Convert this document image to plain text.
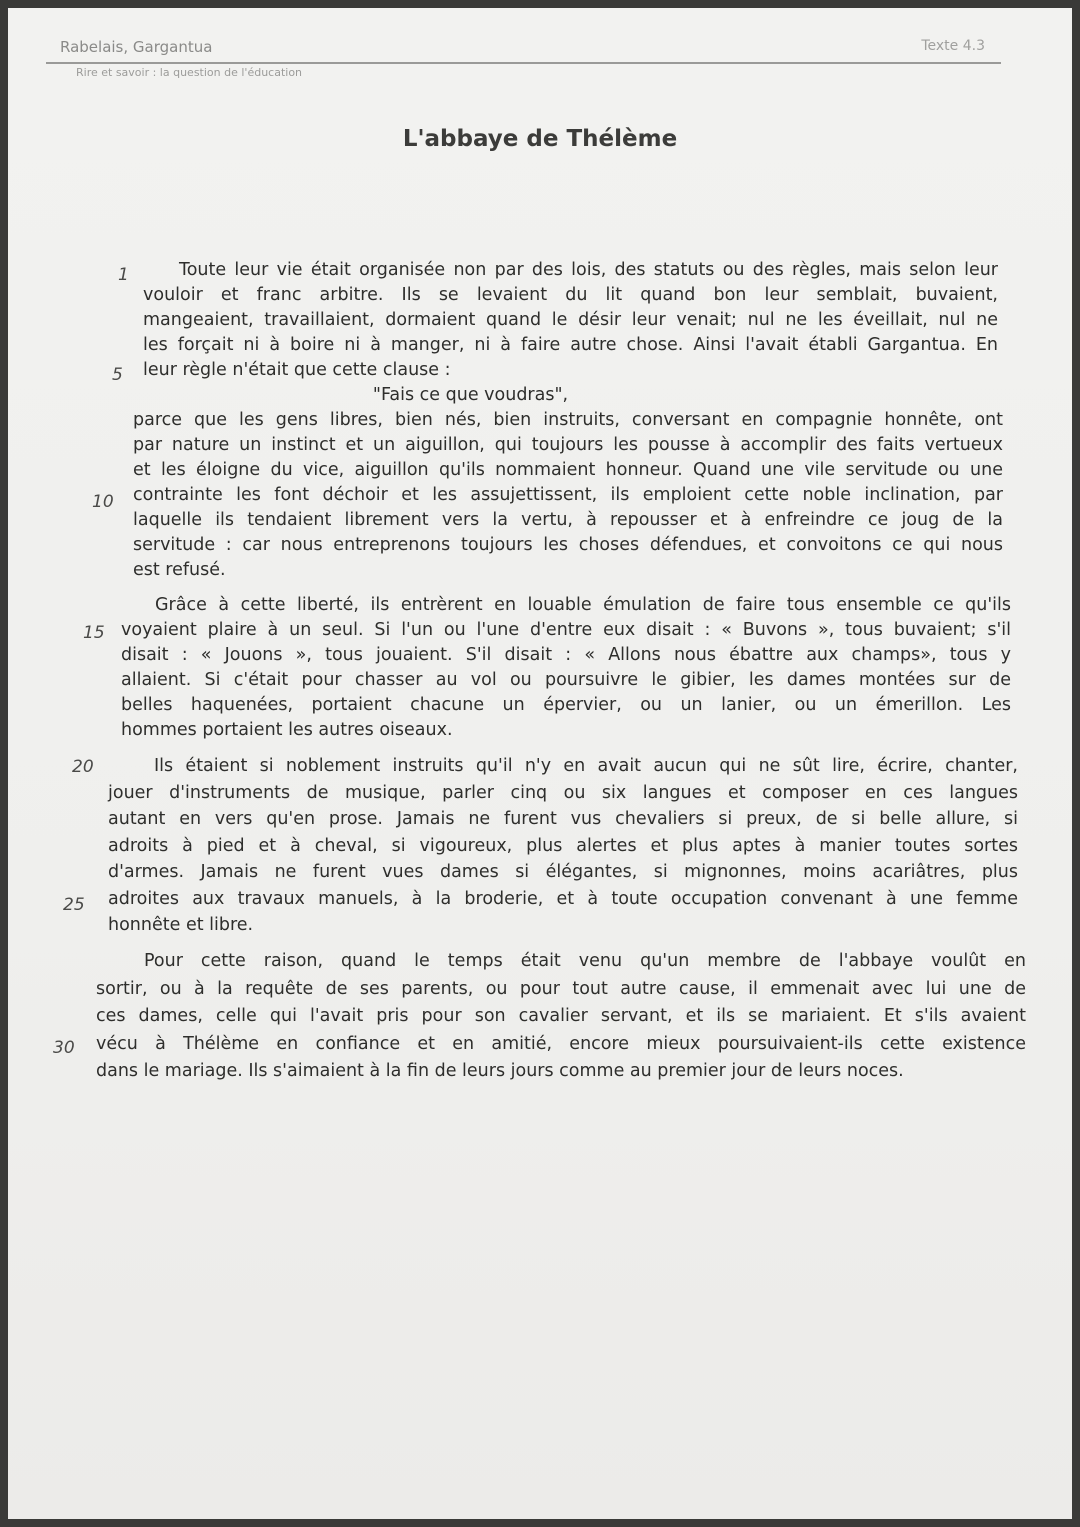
Rabelais, Gargantua	Texte 4.3
Rire et savoir : la question de l'éducation
L'abbaye de Thélème
1
5
10
15
20
25
30
Toute leur vie était organisée non par des lois, des statuts ou des règles, mais selon leur
vouloir et franc arbitre. Ils se levaient du lit quand bon leur semblait, buvaient,
mangeaient, travaillaient, dormaient quand le désir leur venait; nul ne les éveillait, nul ne
les forçait ni à boire ni à manger, ni à faire autre chose. Ainsi l'avait établi Gargantua. En
leur règle n'était que cette clause :
"Fais ce que voudras",
parce que les gens libres, bien nés, bien instruits, conversant en compagnie honnête, ont
par nature un instinct et un aiguillon, qui toujours les pousse à accomplir des faits vertueux
et les éloigne du vice, aiguillon qu'ils nommaient honneur. Quand une vile servitude ou une
contrainte les font déchoir et les assujettissent, ils emploient cette noble inclination, par
laquelle ils tendaient librement vers la vertu, à repousser et à enfreindre ce joug de la
servitude : car nous entreprenons toujours les choses défendues, et convoitons ce qui nous
est refusé.
Grâce à cette liberté, ils entrèrent en louable émulation de faire tous ensemble ce qu'ils
voyaient plaire à un seul. Si l'un ou l'une d'entre eux disait : « Buvons », tous buvaient; s'il
disait : « Jouons », tous jouaient. S'il disait : « Allons nous ébattre aux champs», tous y
allaient. Si c'était pour chasser au vol ou poursuivre le gibier, les dames montées sur de
belles haquenées, portaient chacune un épervier, ou un lanier, ou un émerillon. Les
hommes portaient les autres oiseaux.
Ils étaient si noblement instruits qu'il n'y en avait aucun qui ne sût lire, écrire, chanter,
jouer d'instruments de musique, parler cinq ou six langues et composer en ces langues
autant en vers qu'en prose. Jamais ne furent vus chevaliers si preux, de si belle allure, si
adroits à pied et à cheval, si vigoureux, plus alertes et plus aptes à manier toutes sortes
d'armes. Jamais ne furent vues dames si élégantes, si mignonnes, moins acariâtres, plus
adroites aux travaux manuels, à la broderie, et à toute occupation convenant à une femme
honnête et libre.
Pour cette raison, quand le temps était venu qu'un membre de l'abbaye voulût en
sortir, ou à la requête de ses parents, ou pour tout autre cause, il emmenait avec lui une de
ces dames, celle qui l'avait pris pour son cavalier servant, et ils se mariaient. Et s'ils avaient
vécu à Thélème en confiance et en amitié, encore mieux poursuivaient-ils cette existence
dans le mariage. Ils s'aimaient à la fin de leurs jours comme au premier jour de leurs noces.
